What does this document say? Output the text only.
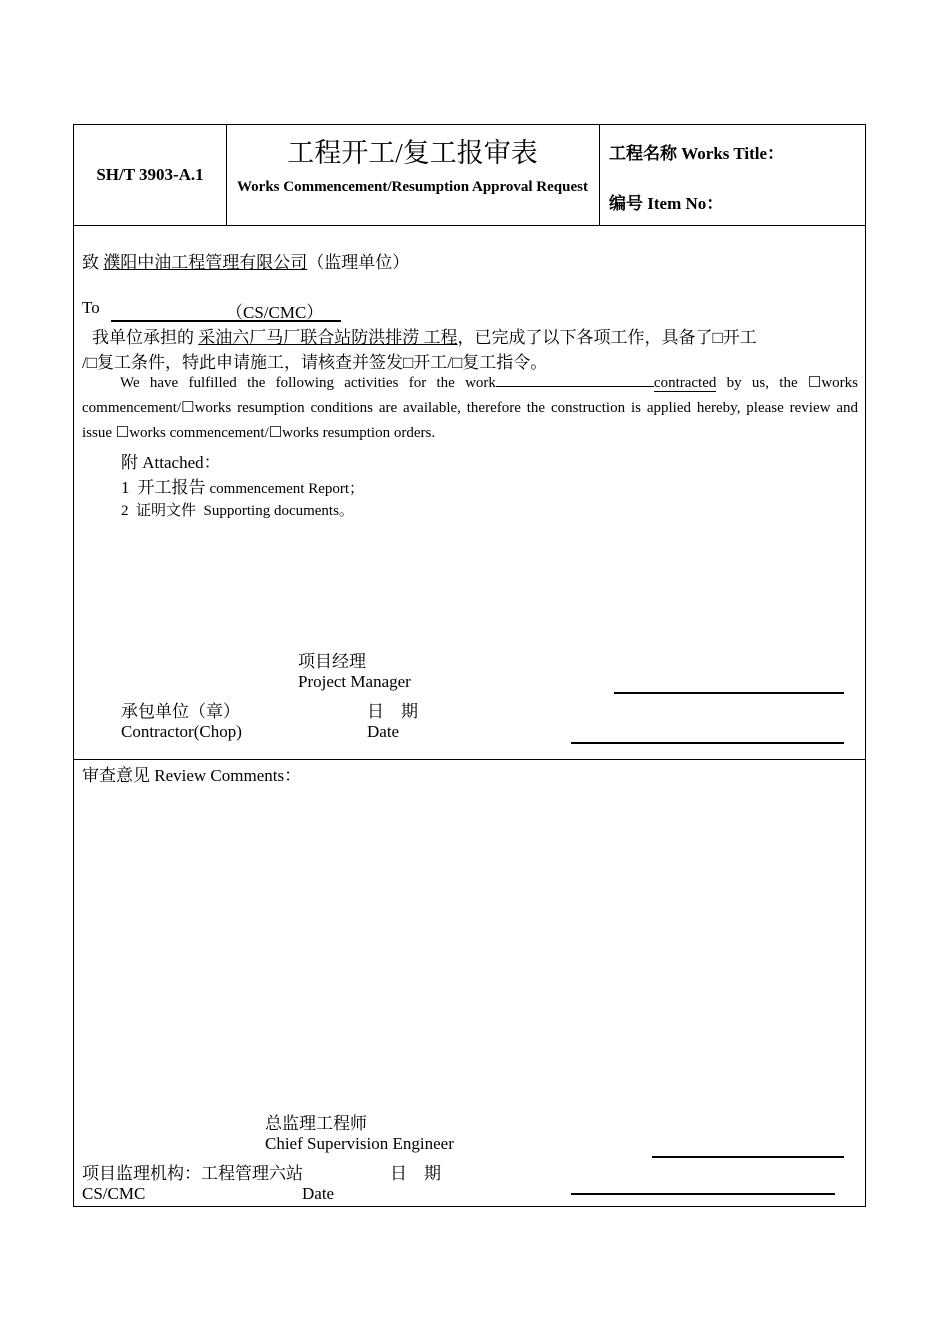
SH/T 3903-A.1
工程开工/复工报审表
Works Commencement/Resumption Approval Request
工程名称 Works Title：
编号 Item No：
致 濮阳中油工程管理有限公司（监理单位）
To	（CS/CMC）
我单位承担的 采油六厂马厂联合站防洪排涝 工程，已完成了以下各项工作，具备了□开工
/□复工条件，特此申请施工，请核查并签发□开工/□复工指令。
We have fulfilled the following activities for the work	contracted by us, the ☐works commencement/☐works resumption conditions are available, therefore the construction is applied hereby, please review and issue ☐works commencement/☐works resumption orders.
附 Attached：
1 开工报告 commencement Report；
2 证明文件 Supporting documents。
项目经理
Project Manager
承包单位（章）	日　期
Contractor(Chop)	Date
审查意见 Review Comments：
总监理工程师
Chief Supervision Engineer
项目监理机构：工程管理六站	日　期
CS/CMC	Date
